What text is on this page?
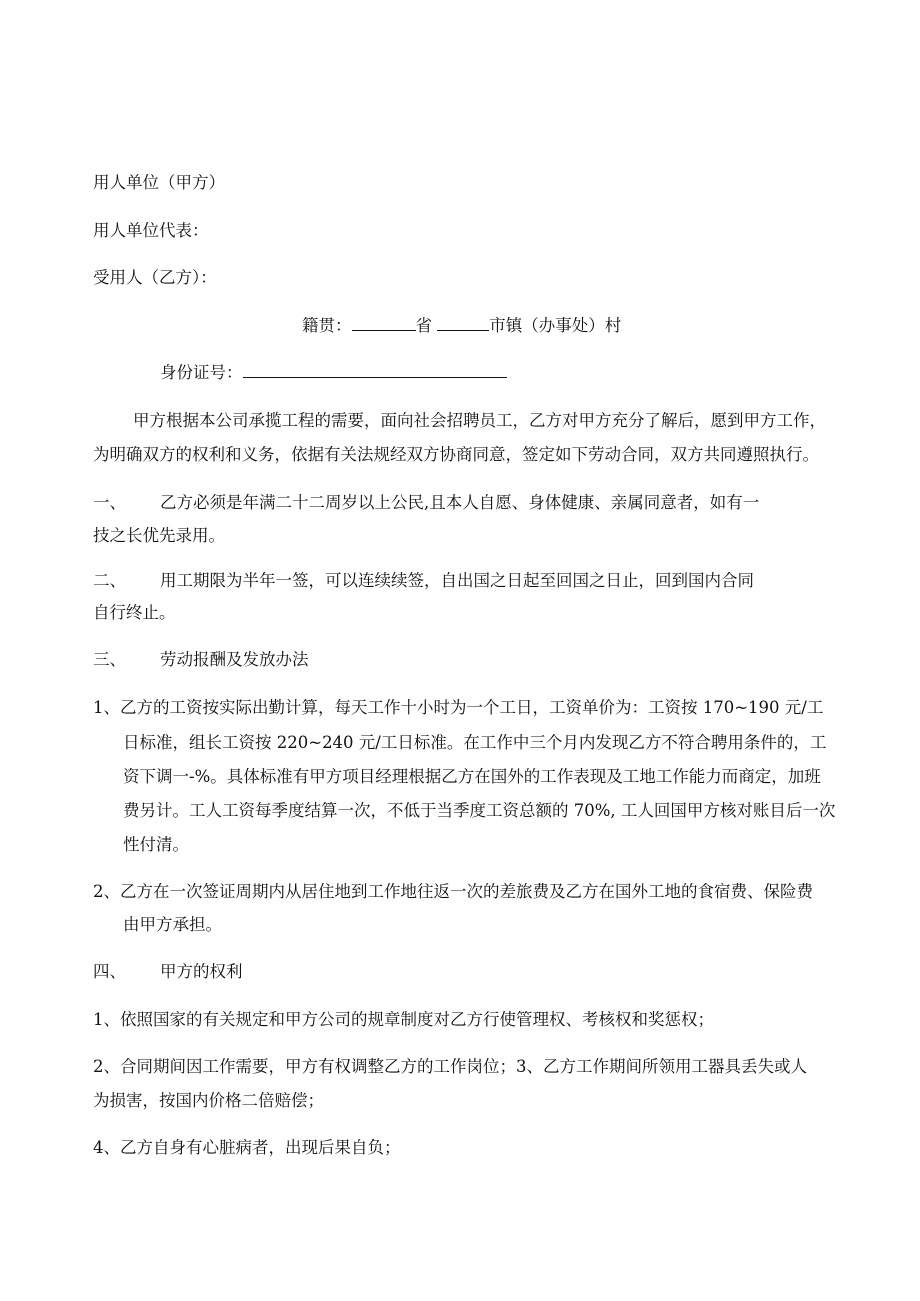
用人单位（甲方）

用人单位代表：

受用人（乙方）：

籍贯：	省	市镇（办事处）村

身份证号：

甲方根据本公司承揽工程的需要，面向社会招聘员工，乙方对甲方充分了解后，愿到甲方工作，

为明确双方的权利和义务，依据有关法规经双方协商同意，签定如下劳动合同，双方共同遵照执行。

一、 乙方必须是年满二十二周岁以上公民,且本人自愿、身体健康、亲属同意者，如有一

技之长优先录用。

二、 用工期限为半年一签，可以连续续签，自出国之日起至回国之日止，回到国内合同

自行终止。

三、 劳动报酬及发放办法

1、乙方的工资按实际出勤计算，每天工作十小时为一个工日，工资单价为：工资按 170~190 元/工

日标准，组长工资按 220~240 元/工日标准。在工作中三个月内发现乙方不符合聘用条件的，工

资下调一-%。具体标准有甲方项目经理根据乙方在国外的工作表现及工地工作能力而商定，加班

费另计。工人工资每季度结算一次，不低于当季度工资总额的 70%, 工人回国甲方核对账目后一次

性付清。

2、乙方在一次签证周期内从居住地到工作地往返一次的差旅费及乙方在国外工地的食宿费、保险费

由甲方承担。

四、 甲方的权利

1、依照国家的有关规定和甲方公司的规章制度对乙方行使管理权、考核权和奖惩权；

2、合同期间因工作需要，甲方有权调整乙方的工作岗位；3、乙方工作期间所领用工器具丢失或人

为损害，按国内价格二倍赔偿；

4、乙方自身有心脏病者，出现后果自负；
